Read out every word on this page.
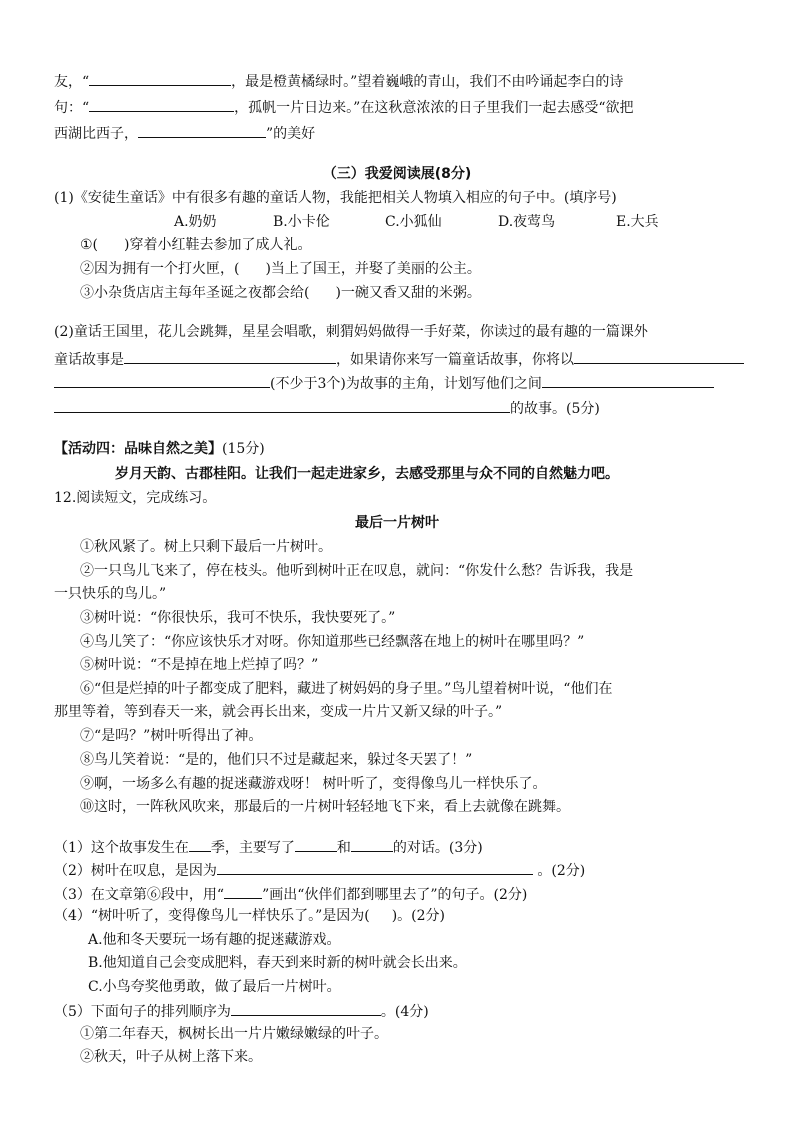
友，“	，最是橙黄橘绿时。”望着巍峨的青山，我们不由吟诵起李白的诗
句：“	，孤帆一片日边来。”在这秋意浓浓的日子里我们一起去感受“欲把
西湖比西子，	”的美好
（三）我爱阅读展(8分)
(1)《安徒生童话》中有很多有趣的童话人物，我能把相关人物填入相应的句子中。(填序号)
A.奶奶	B.小卡伦	C.小狐仙	D.夜莺鸟	E.大兵
①( )穿着小红鞋去参加了成人礼。
②因为拥有一个打火匣，( )当上了国王，并娶了美丽的公主。
③小杂货店店主每年圣诞之夜都会给( )一碗又香又甜的米粥。
(2)童话王国里，花儿会跳舞，星星会唱歌，刺猬妈妈做得一手好菜，你读过的最有趣的一篇课外
童话故事是	，如果请你来写一篇童话故事，你将以
(不少于3个)为故事的主角，计划写他们之间
的故事。(5分)
【活动四：品味自然之美】(15分)
岁月天韵、古郡桂阳。让我们一起走进家乡，去感受那里与众不同的自然魅力吧。
12.阅读短文，完成练习。
最后一片树叶
①秋风紧了。树上只剩下最后一片树叶。
②一只鸟儿飞来了，停在枝头。他听到树叶正在叹息，就问：“你发什么愁？告诉我，我是
一只快乐的鸟儿。”
③树叶说：“你很快乐，我可不快乐，我快要死了。”
④鸟儿笑了：“你应该快乐才对呀。你知道那些已经飘落在地上的树叶在哪里吗？”
⑤树叶说：“不是掉在地上烂掉了吗？”
⑥“但是烂掉的叶子都变成了肥料，藏进了树妈妈的身子里。”鸟儿望着树叶说，“他们在
那里等着，等到春天一来，就会再长出来，变成一片片又新又绿的叶子。”
⑦“是吗？”树叶听得出了神。
⑧鸟儿笑着说：“是的，他们只不过是藏起来，躲过冬天罢了！”
⑨啊，一场多么有趣的捉迷藏游戏呀！ 树叶听了，变得像鸟儿一样快乐了。
⑩这时，一阵秋风吹来，那最后的一片树叶轻轻地飞下来，看上去就像在跳舞。
（1）这个故事发生在 季，主要写了	和	的对话。(3分)
（2）树叶在叹息，是因为	。(2分)
（3）在文章第⑥段中，用“	”画出“伙伴们都到哪里去了”的句子。(2分)
（4）“树叶听了，变得像鸟儿一样快乐了。”是因为( )。(2分)
A.他和冬天要玩一场有趣的捉迷藏游戏。
B.他知道自己会变成肥料，春天到来时新的树叶就会长出来。
C.小鸟夸奖他勇敢，做了最后一片树叶。
（5）下面句子的排列顺序为	。(4分)
①第二年春天，枫树长出一片片嫩绿嫩绿的叶子。
②秋天，叶子从树上落下来。
